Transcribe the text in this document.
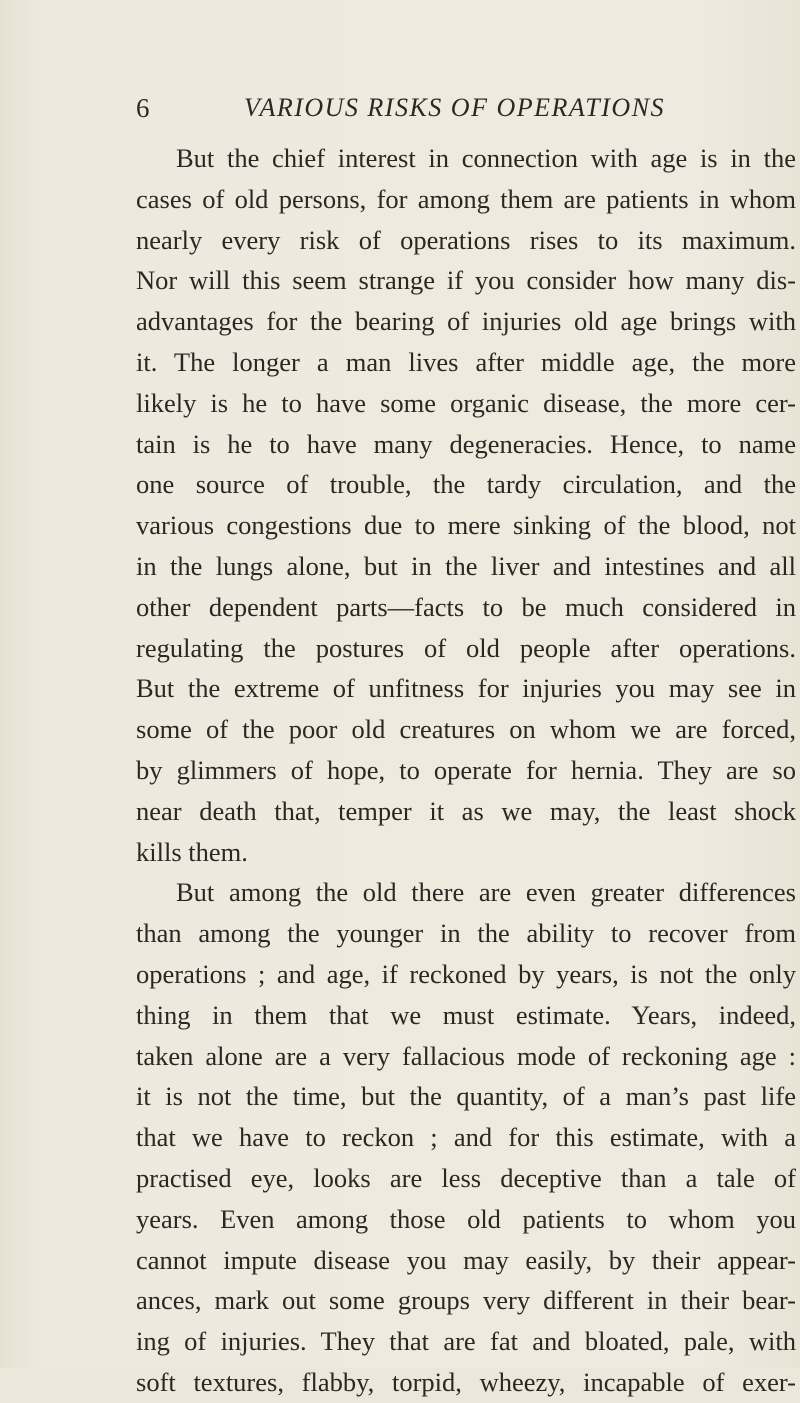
6	VARIOUS RISKS OF OPERATIONS
But the chief interest in connection with age is in the
cases of old persons, for among them are patients in whom
nearly every risk of operations rises to its maximum.
Nor will this seem strange if you consider how many dis-
advantages for the bearing of injuries old age brings with
it. The longer a man lives after middle age, the more
likely is he to have some organic disease, the more cer-
tain is he to have many degeneracies. Hence, to name
one source of trouble, the tardy circulation, and the
various congestions due to mere sinking of the blood, not
in the lungs alone, but in the liver and intestines and all
other dependent parts—facts to be much considered in
regulating the postures of old people after operations.
But the extreme of unfitness for injuries you may see in
some of the poor old creatures on whom we are forced,
by glimmers of hope, to operate for hernia. They are so
near death that, temper it as we may, the least shock
kills them.
But among the old there are even greater differences
than among the younger in the ability to recover from
operations ; and age, if reckoned by years, is not the only
thing in them that we must estimate. Years, indeed,
taken alone are a very fallacious mode of reckoning age :
it is not the time, but the quantity, of a man’s past life
that we have to reckon ; and for this estimate, with a
practised eye, looks are less deceptive than a tale of
years. Even among those old patients to whom you
cannot impute disease you may easily, by their appear-
ances, mark out some groups very different in their bear-
ing of injuries. They that are fat and bloated, pale, with
soft textures, flabby, torpid, wheezy, incapable of exer-
